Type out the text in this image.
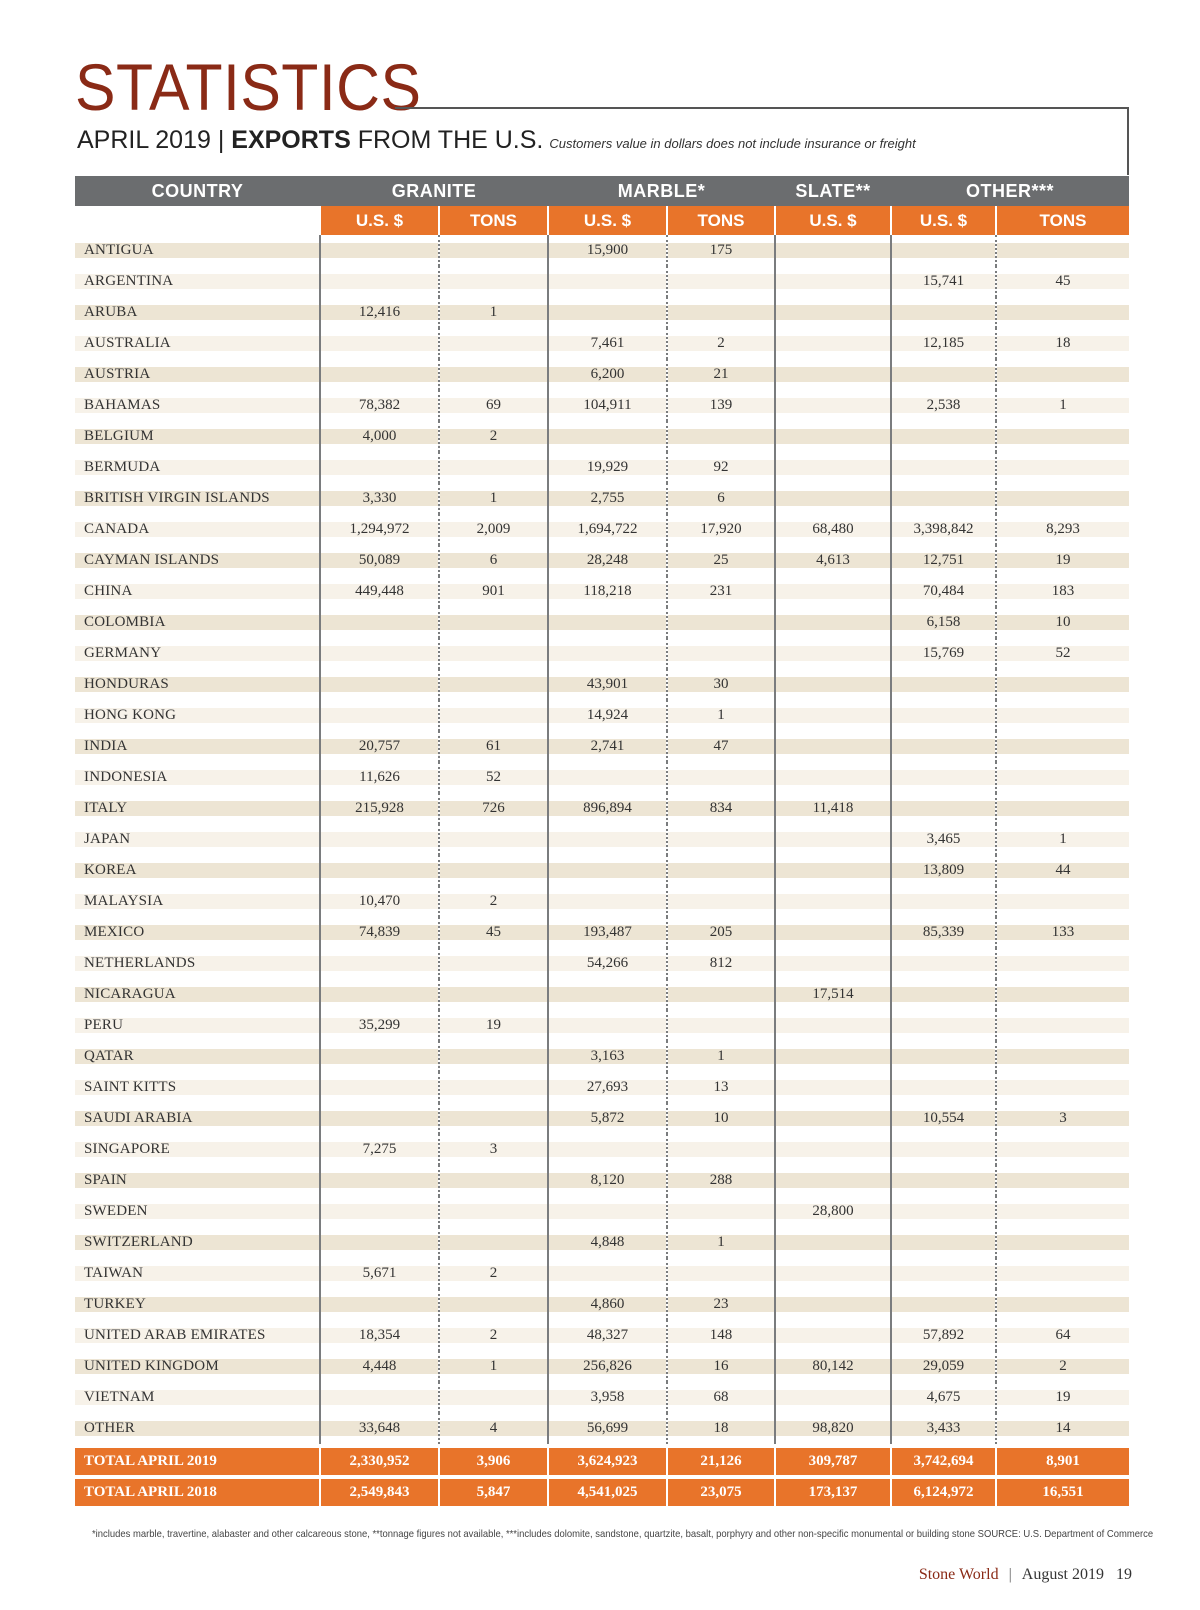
STATISTICS
APRIL 2019 | EXPORTS FROM THE U.S. Customers value in dollars does not include insurance or freight
COUNTRY	GRANITE		MARBLE*		SLATE**	OTHER***	
	U.S. $	TONS	U.S. $	TONS	U.S. $	U.S. $	TONS
ANTIGUA			15,900	175			
ARGENTINA						15,741	45
ARUBA	12,416	1					
AUSTRALIA			7,461	2		12,185	18
AUSTRIA			6,200	21			
BAHAMAS	78,382	69	104,911	139		2,538	1
BELGIUM	4,000	2					
BERMUDA			19,929	92			
BRITISH VIRGIN ISLANDS	3,330	1	2,755	6			
CANADA	1,294,972	2,009	1,694,722	17,920	68,480	3,398,842	8,293
CAYMAN ISLANDS	50,089	6	28,248	25	4,613	12,751	19
CHINA	449,448	901	118,218	231		70,484	183
COLOMBIA						6,158	10
GERMANY						15,769	52
HONDURAS			43,901	30			
HONG KONG			14,924	1			
INDIA	20,757	61	2,741	47			
INDONESIA	11,626	52					
ITALY	215,928	726	896,894	834	11,418		
JAPAN						3,465	1
KOREA						13,809	44
MALAYSIA	10,470	2					
MEXICO	74,839	45	193,487	205		85,339	133
NETHERLANDS			54,266	812			
NICARAGUA					17,514		
PERU	35,299	19					
QATAR			3,163	1			
SAINT KITTS			27,693	13			
SAUDI ARABIA			5,872	10		10,554	3
SINGAPORE	7,275	3					
SPAIN			8,120	288			
SWEDEN					28,800		
SWITZERLAND			4,848	1			
TAIWAN	5,671	2					
TURKEY			4,860	23			
UNITED ARAB EMIRATES	18,354	2	48,327	148		57,892	64
UNITED KINGDOM	4,448	1	256,826	16	80,142	29,059	2
VIETNAM			3,958	68		4,675	19
OTHER	33,648	4	56,699	18	98,820	3,433	14
TOTAL APRIL 2019	2,330,952	3,906	3,624,923	21,126	309,787	3,742,694	8,901
TOTAL APRIL 2018	2,549,843	5,847	4,541,025	23,075	173,137	6,124,972	16,551
*includes marble, travertine, alabaster and other calcareous stone, **tonnage figures not available, ***includes dolomite, sandstone, quartzite, basalt, porphyry and other non-specific monumental or building stone SOURCE: U.S. Department of Commerce
Stone World | August 2019 19
